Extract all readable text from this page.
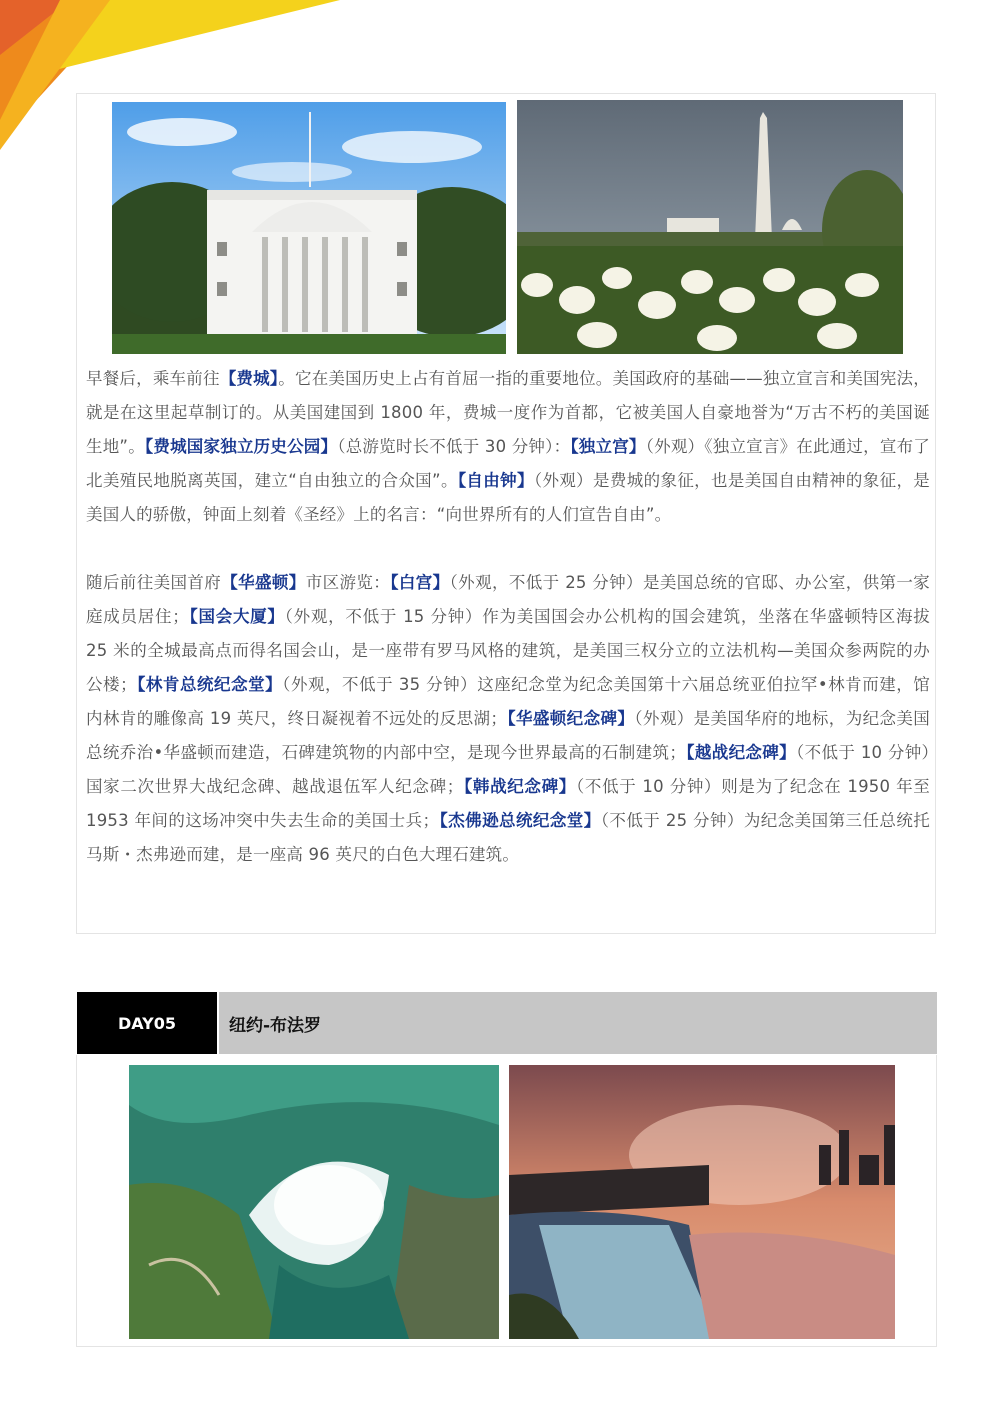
早餐后，乘车前往【费城】。它在美国历史上占有首屈一指的重要地位。美国政府的基础——独立宣言和美国宪法，就是在这里起草制订的。从美国建国到 1800 年，费城一度作为首都，它被美国人自豪地誉为“万古不朽的美国诞生地”。【费城国家独立历史公园】（总游览时长不低于 30 分钟）：【独立宫】（外观）《独立宣言》在此通过，宣布了北美殖民地脱离英国，建立“自由独立的合众国”。【自由钟】（外观）是费城的象征，也是美国自由精神的象征，是美国人的骄傲，钟面上刻着《圣经》上的名言：“向世界所有的人们宣告自由”。

随后前往美国首府【华盛顿】市区游览：【白宫】（外观，不低于 25 分钟）是美国总统的官邸、办公室，供第一家庭成员居住；【国会大厦】（外观，不低于 15 分钟）作为美国国会办公机构的国会建筑，坐落在华盛顿特区海拔 25 米的全城最高点而得名国会山，是一座带有罗马风格的建筑，是美国三权分立的立法机构—美国众参两院的办公楼；【林肯总统纪念堂】（外观，不低于 35 分钟）这座纪念堂为纪念美国第十六届总统亚伯拉罕•林肯而建，馆内林肯的雕像高 19 英尺，终日凝视着不远处的反思湖；【华盛顿纪念碑】（外观）是美国华府的地标，为纪念美国总统乔治•华盛顿而建造，石碑建筑物的内部中空，是现今世界最高的石制建筑；【越战纪念碑】（不低于 10 分钟）国家二次世界大战纪念碑、越战退伍军人纪念碑；【韩战纪念碑】（不低于 10 分钟）则是为了纪念在 1950 年至 1953 年间的这场冲突中失去生命的美国士兵；【杰佛逊总统纪念堂】（不低于 25 分钟）为纪念美国第三任总统托马斯・杰弗逊而建，是一座高 96 英尺的白色大理石建筑。

DAY05	纽约-布法罗
